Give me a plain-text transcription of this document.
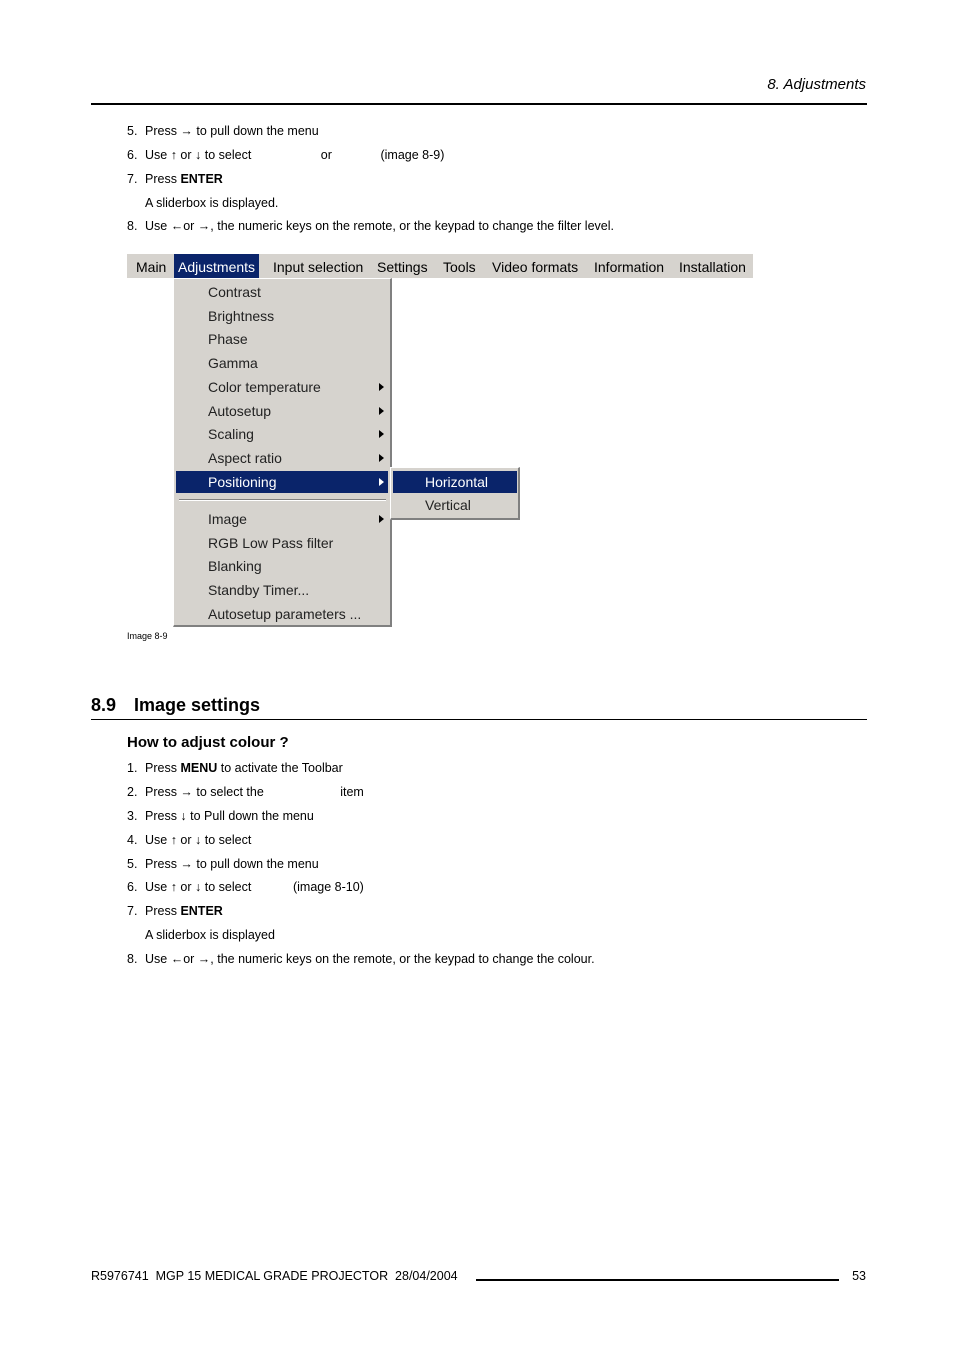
8. Adjustments
5. Press → to pull down the menu
6. Use ↑ or ↓ to select                    or              (image 8-9)
7. Press ENTER
A sliderbox is displayed.
8. Use ←or →, the numeric keys on the remote, or the keypad to change the filter level.
Main Adjustments Input selection Settings Tools Video formats Information Installation
Contrast
Brightness
Phase
Gamma
Color temperature
Autosetup
Scaling
Aspect ratio
Positioning
Image
RGB Low Pass filter
Blanking
Standby Timer...
Autosetup parameters ...
Horizontal
Vertical
Image 8-9
8.9 Image settings
How to adjust colour ?
1. Press MENU to activate the Toolbar
2. Press → to select the                      item
3. Press ↓ to Pull down the menu
4. Use ↑ or ↓ to select
5. Press → to pull down the menu
6. Use ↑ or ↓ to select            (image 8-10)
7. Press ENTER
A sliderbox is displayed
8. Use ←or →, the numeric keys on the remote, or the keypad to change the colour.
R5976741  MGP 15 MEDICAL GRADE PROJECTOR  28/04/2004	53
